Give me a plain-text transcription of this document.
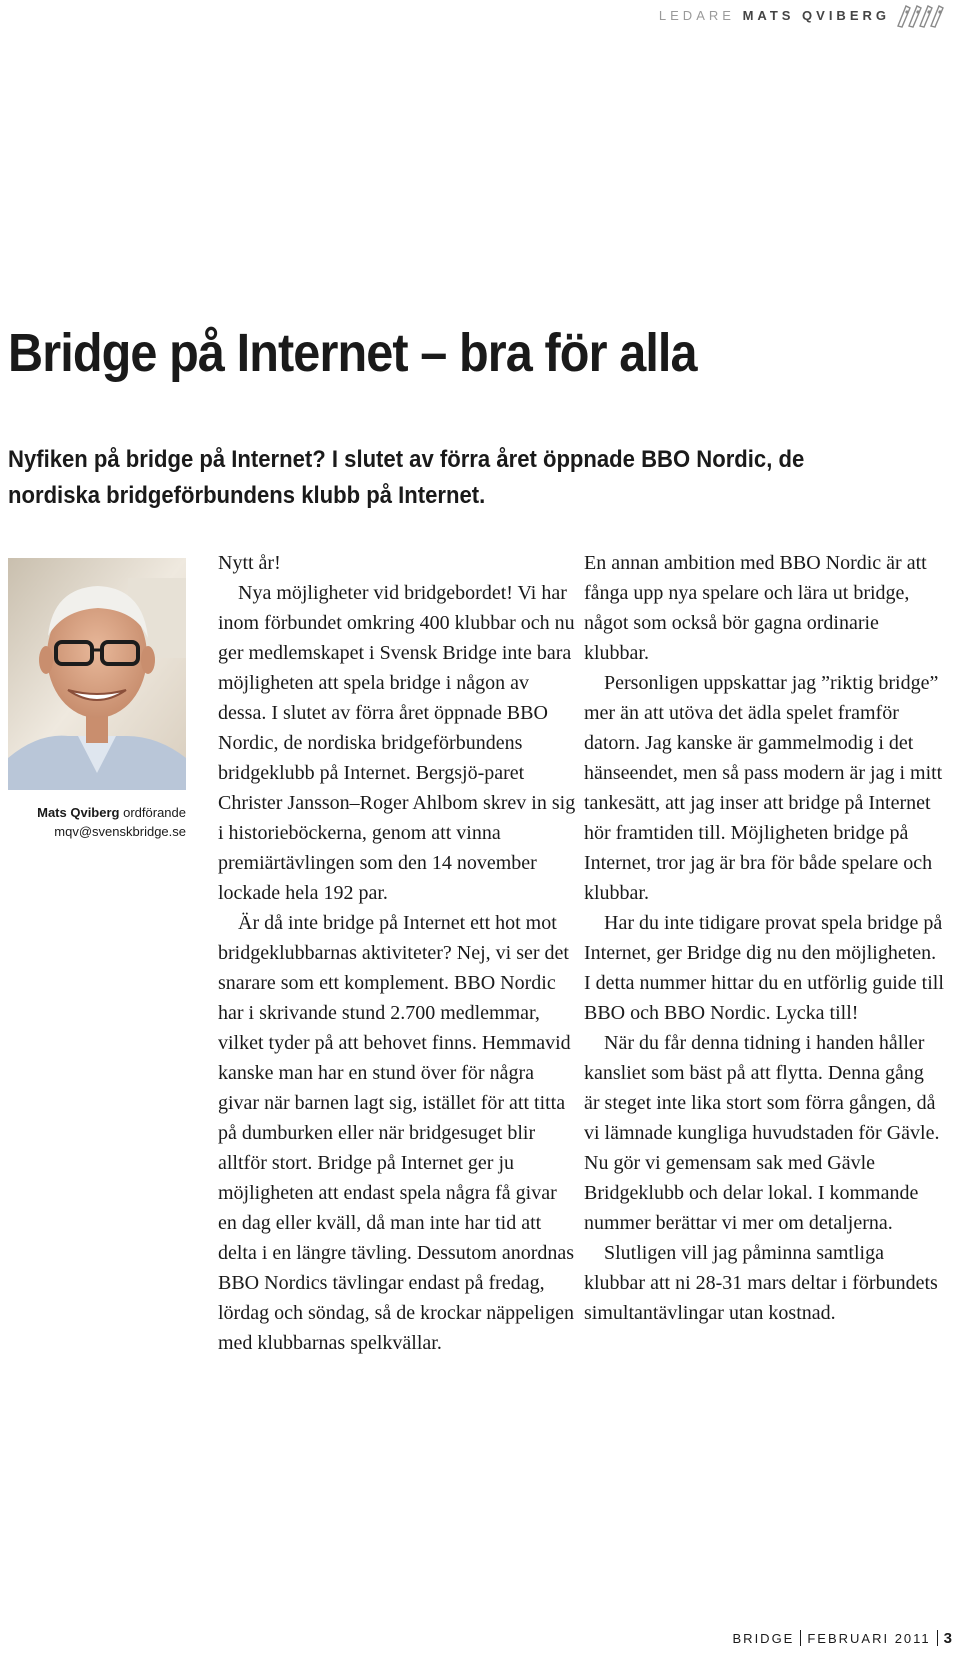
LEDARE MATS QVIBERG
Bridge på Internet – bra för alla

Nyfiken på bridge på Internet? I slutet av förra året öppnade BBO Nordic, de nordiska bridgeförbundens klubb på Internet.

Mats Qviberg ordförande
mqv@svenskbridge.se

Nytt år!

Nya möjligheter vid bridgebordet! Vi har inom förbundet omkring 400 klubbar och nu ger medlemskapet i Svensk Bridge inte bara möjligheten att spela bridge i någon av dessa. I slutet av förra året öppnade BBO Nordic, de nordiska bridgeförbundens bridgeklubb på Internet. Bergsjö-paret Christer Jansson–Roger Ahlbom skrev in sig i historieböckerna, genom att vinna premiärtävlingen som den 14 november lockade hela 192 par.

Är då inte bridge på Internet ett hot mot bridgeklubbarnas aktiviteter? Nej, vi ser det snarare som ett komplement. BBO Nordic har i skrivande stund 2.700 medlemmar, vilket tyder på att behovet finns. Hemmavid kanske man har en stund över för några givar när barnen lagt sig, istället för att titta på dumburken eller när bridgesuget blir alltför stort. Bridge på Internet ger ju möjligheten att endast spela några få givar en dag eller kväll, då man inte har tid att delta i en längre tävling. Dessutom anordnas BBO Nordics tävlingar endast på fredag, lördag och söndag, så de krockar näppeligen med klubbarnas spelkvällar.

En annan ambition med BBO Nordic är att fånga upp nya spelare och lära ut bridge, något som också bör gagna ordinarie klubbar.

Personligen uppskattar jag ”riktig bridge” mer än att utöva det ädla spelet framför datorn. Jag kanske är gammelmodig i det hänseendet, men så pass modern är jag i mitt tankesätt, att jag inser att bridge på Internet hör framtiden till. Möjligheten bridge på Internet, tror jag är bra för både spelare och klubbar.

Har du inte tidigare provat spela bridge på Internet, ger Bridge dig nu den möjligheten. I detta nummer hittar du en utförlig guide till BBO och BBO Nordic. Lycka till!

När du får denna tidning i handen håller kansliet som bäst på att flytta. Denna gång är steget inte lika stort som förra gången, då vi lämnade kungliga huvudstaden för Gävle. Nu gör vi gemensam sak med Gävle Bridgeklubb och delar lokal. I kommande nummer berättar vi mer om detaljerna.

Slutligen vill jag påminna samtliga klubbar att ni 28-31 mars deltar i förbundets simultantävlingar utan kostnad.

BRIDGE FEBRUARI 2011 3
